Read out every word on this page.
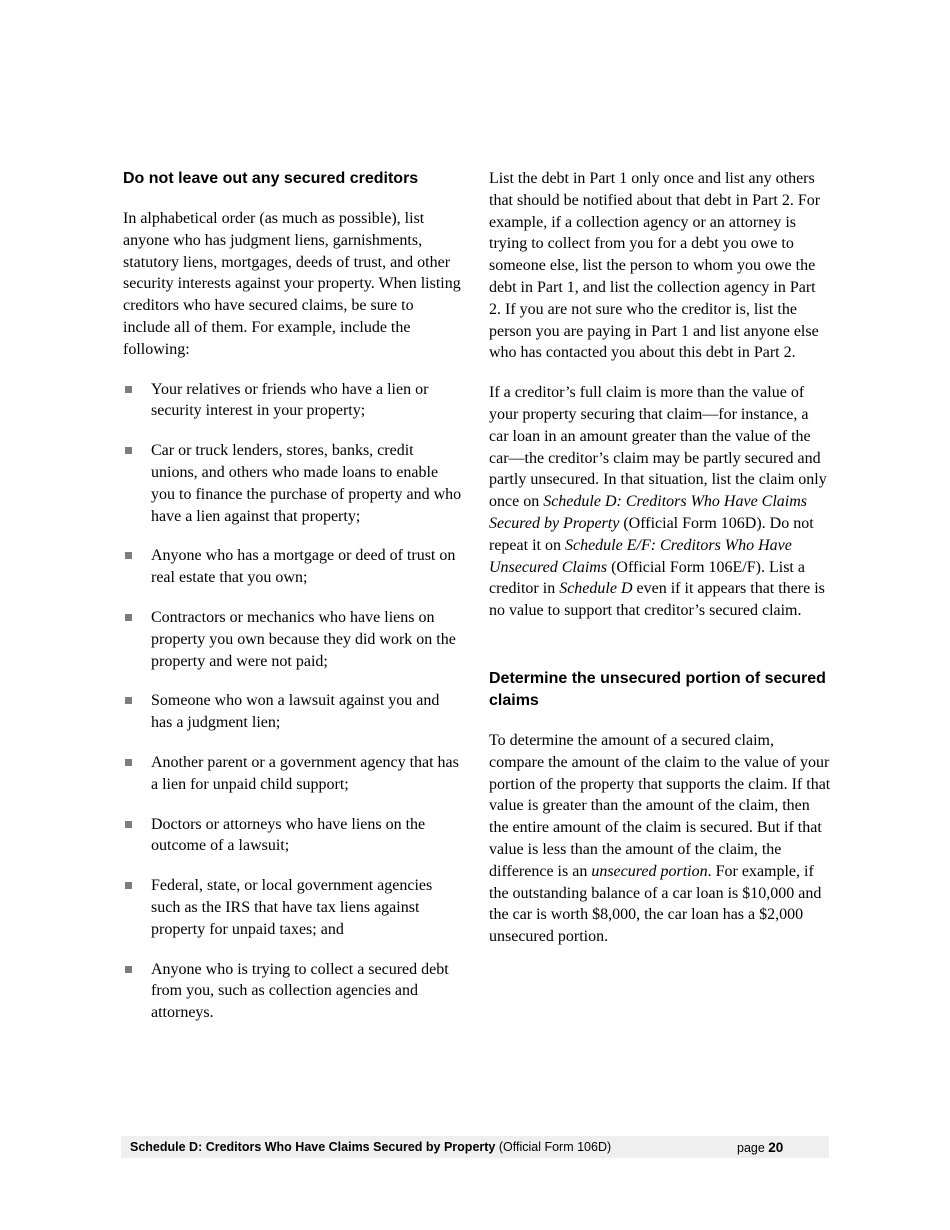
Do not leave out any secured creditors

In alphabetical order (as much as possible), list anyone who has judgment liens, garnishments, statutory liens, mortgages, deeds of trust, and other security interests against your property. When listing creditors who have secured claims, be sure to include all of them. For example, include the following:

Your relatives or friends who have a lien or security interest in your property;
Car or truck lenders, stores, banks, credit unions, and others who made loans to enable you to finance the purchase of property and who have a lien against that property;
Anyone who has a mortgage or deed of trust on real estate that you own;
Contractors or mechanics who have liens on property you own because they did work on the property and were not paid;
Someone who won a lawsuit against you and has a judgment lien;
Another parent or a government agency that has a lien for unpaid child support;
Doctors or attorneys who have liens on the outcome of a lawsuit;
Federal, state, or local government agencies such as the IRS that have tax liens against property for unpaid taxes; and
Anyone who is trying to collect a secured debt from you, such as collection agencies and attorneys.

List the debt in Part 1 only once and list any others that should be notified about that debt in Part 2. For example, if a collection agency or an attorney is trying to collect from you for a debt you owe to someone else, list the person to whom you owe the debt in Part 1, and list the collection agency in Part 2. If you are not sure who the creditor is, list the person you are paying in Part 1 and list anyone else who has contacted you about this debt in Part 2.

If a creditor’s full claim is more than the value of your property securing that claim—for instance, a car loan in an amount greater than the value of the car—the creditor’s claim may be partly secured and partly unsecured. In that situation, list the claim only once on Schedule D: Creditors Who Have Claims Secured by Property (Official Form 106D). Do not repeat it on Schedule E/F: Creditors Who Have Unsecured Claims (Official Form 106E/F). List a creditor in Schedule D even if it appears that there is no value to support that creditor’s secured claim.

Determine the unsecured portion of secured claims

To determine the amount of a secured claim, compare the amount of the claim to the value of your portion of the property that supports the claim. If that value is greater than the amount of the claim, then the entire amount of the claim is secured. But if that value is less than the amount of the claim, the difference is an unsecured portion. For example, if the outstanding balance of a car loan is $10,000 and the car is worth $8,000, the car loan has a $2,000 unsecured portion.

Schedule D: Creditors Who Have Claims Secured by Property (Official Form 106D)	page 20
